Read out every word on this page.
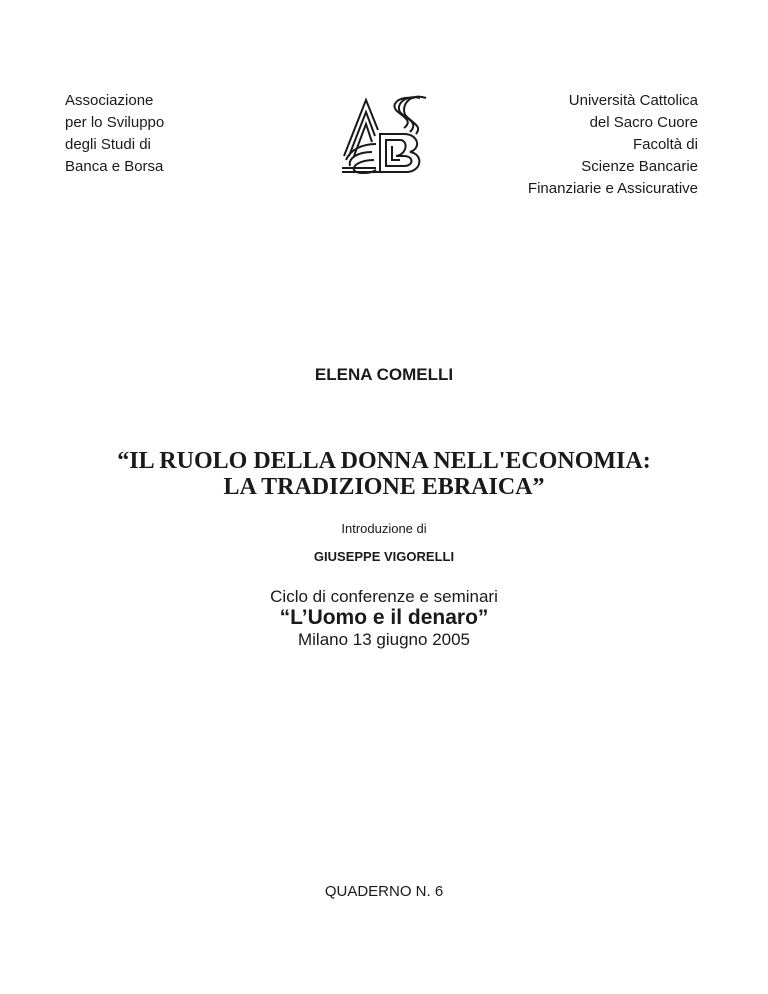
Associazione
per lo Sviluppo
degli Studi di
Banca e Borsa
Università Cattolica
del Sacro Cuore
Facoltà di
Scienze Bancarie
Finanziarie e Assicurative
ELENA COMELLI
“IL RUOLO DELLA DONNA NELL'ECONOMIA:
LA TRADIZIONE EBRAICA”
Introduzione di
GIUSEPPE VIGORELLI
Ciclo di conferenze e seminari
“L’Uomo e il denaro”
Milano 13 giugno 2005
QUADERNO N. 6
